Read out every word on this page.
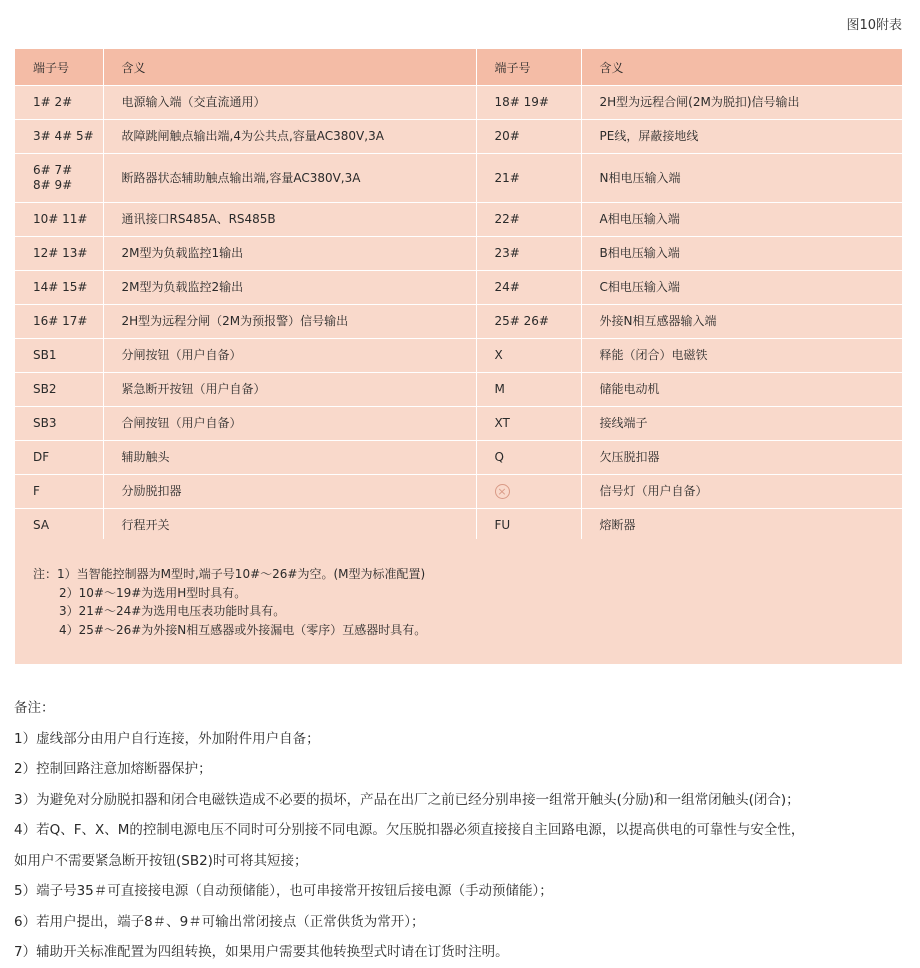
图10附表
端子号	含义	端子号	含义
1# 2#	电源输入端（交直流通用）	18# 19#	2H型为远程合闸(2M为脱扣)信号输出
3# 4# 5#	故障跳闸触点输出端,4为公共点,容量AC380V,3A	20#	PE线，屏蔽接地线
6# 7#
8# 9#	断路器状态辅助触点输出端,容量AC380V,3A	21#	N相电压输入端
10# 11#	通讯接口RS485A、RS485B	22#	A相电压输入端
12# 13#	2M型为负载监控1输出	23#	B相电压输入端
14# 15#	2M型为负载监控2输出	24#	C相电压输入端
16# 17#	2H型为远程分闸（2M为预报警）信号输出	25# 26#	外接N相互感器输入端
SB1	分闸按钮（用户自备）	X	释能（闭合）电磁铁
SB2	紧急断开按钮（用户自备）	M	储能电动机
SB3	合闸按钮（用户自备）	XT	接线端子
DF	辅助触头	Q	欠压脱扣器
F	分励脱扣器	×	信号灯（用户自备）
SA	行程开关	FU	熔断器
注：1）当智能控制器为M型时,端子号10#～26#为空。(M型为标准配置)
2）10#～19#为选用H型时具有。
3）21#～24#为选用电压表功能时具有。
4）25#～26#为外接N相互感器或外接漏电（零序）互感器时具有。
备注：
1）虚线部分由用户自行连接，外加附件用户自备；
2）控制回路注意加熔断器保护；
3）为避免对分励脱扣器和闭合电磁铁造成不必要的损坏，产品在出厂之前已经分别串接一组常开触头(分励)和一组常闭触头(闭合)；
4）若Q、F、X、M的控制电源电压不同时可分别接不同电源。欠压脱扣器必须直接接自主回路电源，以提高供电的可靠性与安全性，
如用户不需要紧急断开按钮(SB2)时可将其短接；
5）端子号35＃可直接接电源（自动预储能），也可串接常开按钮后接电源（手动预储能）；
6）若用户提出，端子8＃、9＃可输出常闭接点（正常供货为常开）；
7）辅助开关标准配置为四组转换，如果用户需要其他转换型式时请在订货时注明。
